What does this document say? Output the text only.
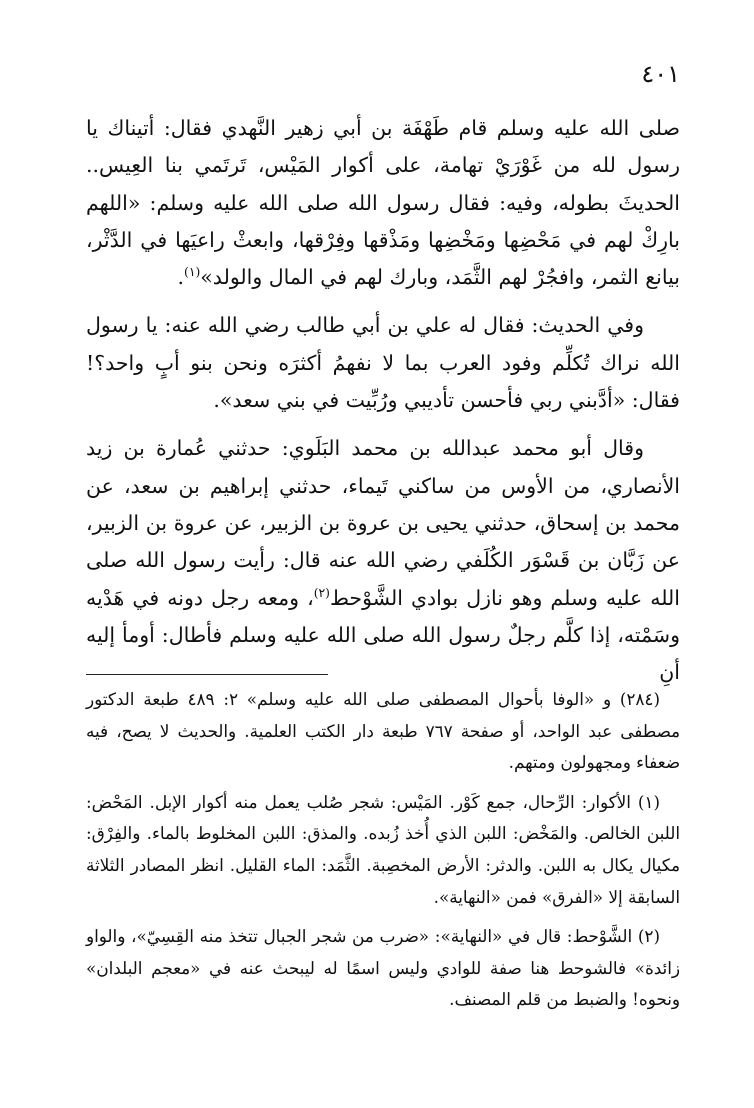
٤٠١

صلى الله عليه وسلم قام طَهْفَة بن أبي زهير النَّهدي فقال: أتيناك يا رسول لله من غَوْرَيْ تهامة، على أكوار المَيْس، تَرتَمي بنا العِيس.. الحديثَ بطوله، وفيه: فقال رسول الله صلى الله عليه وسلم: «اللهم بارِكْ لهم في مَحْضِها ومَخْضِها ومَذْقها وفِرْقها، وابعثْ راعيَها في الدَّثْر، بيانع الثمر، وافجُرْ لهم الثَّمَد، وبارك لهم في المال والولد»$^{(١)}$.

وفي الحديث: فقال له علي بن أبي طالب رضي الله عنه: يا رسول الله نراك تُكلِّم وفود العرب بما لا نفهمُ أكثرَه ونحن بنو أبٍ واحد؟! فقال: «أدَّبني ربي فأحسن تأديبي ورُبِّيت في بني سعد».

وقال أبو محمد عبدالله بن محمد البَلَوي: حدثني عُمارة بن زيد الأنصاري، من الأوس من ساكني تَيماء، حدثني إبراهيم بن سعد، عن محمد بن إسحاق، حدثني يحيى بن عروة بن الزبير، عن عروة بن الزبير، عن زَبَّان بن قَسْوَر الكُلَفي رضي الله عنه قال: رأيت رسول الله صلى الله عليه وسلم وهو نازل بوادي الشَّوْحط$^{(٢)}$، ومعه رجل دونه في هَدْيه وسَمْته، إذا كلَّم رجلٌ رسول الله صلى الله عليه وسلم فأطال: أومأ إليه أنِ

(٢٨٤) و «الوفا بأحوال المصطفى صلى الله عليه وسلم» ٢: ٤٨٩ طبعة الدكتور مصطفى عبد الواحد، أو صفحة ٧٦٧ طبعة دار الكتب العلمية. والحديث لا يصح، فيه ضعفاء ومجهولون ومتهم.

(١) الأكوار: الرِّحال، جمع كَوْر. المَيْس: شجر صُلب يعمل منه أكوار الإبل. المَحْض: اللبن الخالص. والمَخْض: اللبن الذي أُخذ زُبده. والمذق: اللبن المخلوط بالماء. والفِرْق: مكيال يكال به اللبن. والدثر: الأرض المخصِبة. الثَّمَد: الماء القليل. انظر المصادر الثلاثة السابقة إلا «الفرق» فمن «النهاية».

(٢) الشَّوْحط: قال في «النهاية»: «ضرب من شجر الجبال تتخذ منه القِسِيّ»، والواو زائدة» فالشوحط هنا صفة للوادي وليس اسمًا له ليبحث عنه في «معجم البلدان» ونحوه! والضبط من قلم المصنف.
